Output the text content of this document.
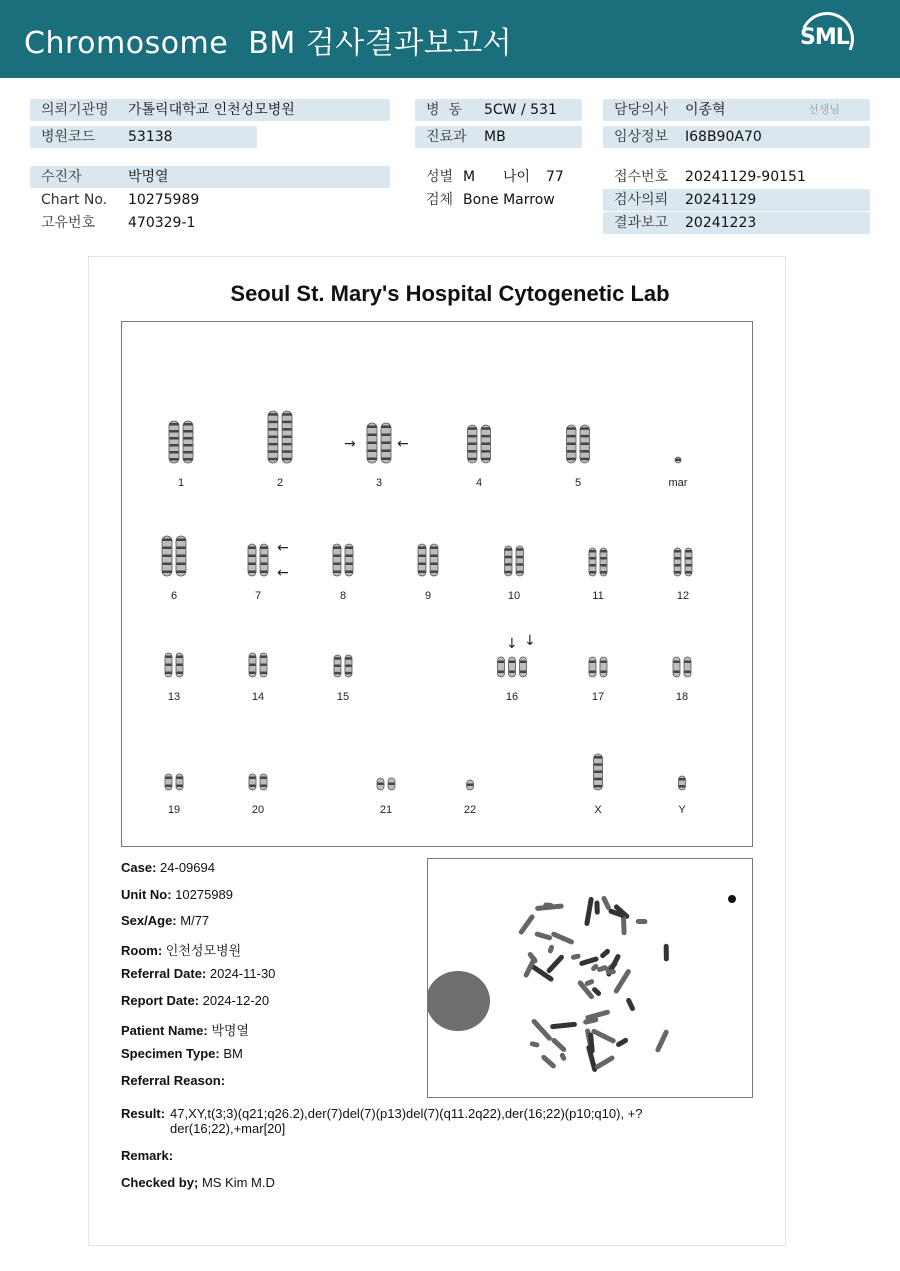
Chromosome  BM 검사결과보고서	SML
의뢰기관명 가톨릭대학교 인천성모병원
병원코드 53138
병  동 5CW / 531
진료과 MB
담당의사 이종혁	선생님
임상정보 I68B90A70
수진자	박명열
Chart No. 10275989
고유번호 470329-1
성별 M 나이 77
검체 Bone Marrow
접수번호 20241129-90151
검사의뢰 20241129
결과보고 20241223
Seoul St. Mary's Hospital Cytogenetic Lab
1	2	3	4	5	mar
6	7	8	9	10	11	12
13	14	15	16	17	18
19	20	21	22	X	Y
→	←
←
←
↓ ↓
Case: 24-09694
Unit No: 10275989
Sex/Age: M/77
Room: 인천성모병원
Referral Date: 2024-11-30
Report Date: 2024-12-20
Patient Name: 박명열
Specimen Type: BM
Referral Reason:
Result: 47,XY,t(3;3)(q21;q26.2),der(7)del(7)(p13)del(7)(q11.2q22),der(16;22)(p10;q10), +?der(16;22),+mar[20]
Remark:
Checked by; MS Kim M.D
